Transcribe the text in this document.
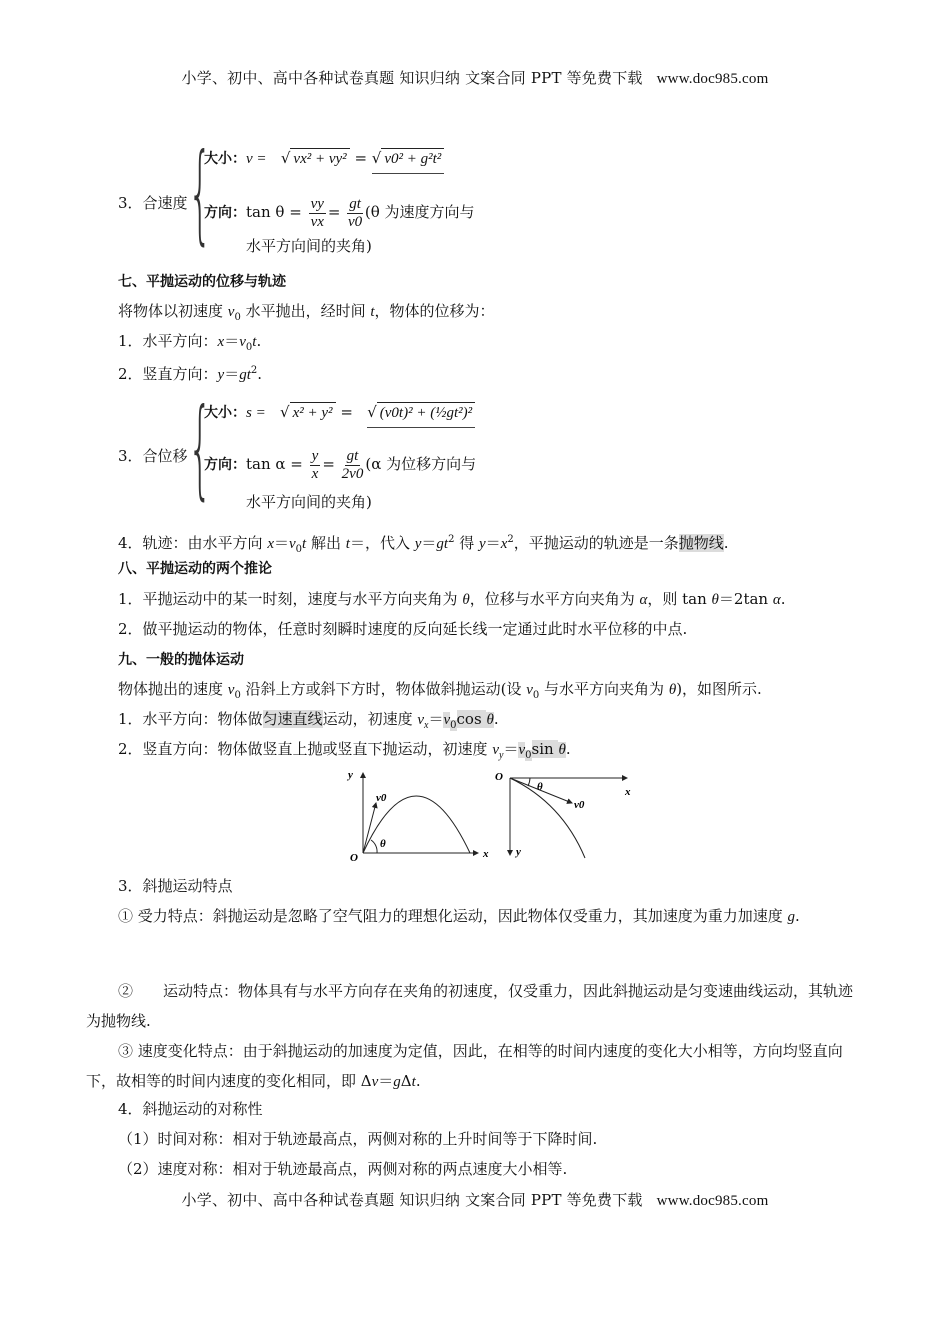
小学、初中、高中各种试卷真题 知识归纳 文案合同 PPT 等免费下载 www.doc985.com
3．合速度 {
大小：v =   √ vx² + vy² = √ v0² + g²t²
方向：$\tan \theta = \frac{vy}{vx} = \frac{gt}{v0} (\theta$ 为速度方向与
水平方向间的夹角)
七、平抛运动的位移与轨迹
将物体以初速度 $v_0$ 水平抛出，经时间 t，物体的位移为：
1．水平方向：$x=v_0t$.
2．竖直方向：$y=gt^2$.
3．合位移 {
大小：s =   √ x² + y² = √ (v0t)² + (½gt²)²
方向：$\tan \alpha = \frac{y}{x} = \frac{gt}{2v0} (\alpha$ 为位移方向与
水平方向间的夹角)
4．轨迹：由水平方向 $x=v_0t$ 解出 t＝，代入 $y=gt^2$ 得 $y=x^2$，平抛运动的轨迹是一条抛物线.
八、平抛运动的两个推论
1．平抛运动中的某一时刻，速度与水平方向夹角为 θ，位移与水平方向夹角为 α，则 tan θ＝2tan α.
2．做平抛运动的物体，任意时刻瞬时速度的反向延长线一定通过此时水平位移的中点.
九、一般的抛体运动
物体抛出的速度 $v_0$ 沿斜上方或斜下方时，物体做斜抛运动(设 $v_0$ 与水平方向夹角为 θ)，如图所示.
1．水平方向：物体做匀速直线运动，初速度 $v_x=v_0\cos$ θ.
2．竖直方向：物体做竖直上抛或竖直下抛运动，初速度 $v_y=v_0\sin$ θ.
y
x
O
v0
θ
O
x
y
v0
θ
3．斜抛运动特点
① 受力特点：斜抛运动是忽略了空气阻力的理想化运动，因此物体仅受重力，其加速度为重力加速度 g.
②　　运动特点：物体具有与水平方向存在夹角的初速度，仅受重力，因此斜抛运动是匀变速曲线运动，其轨迹为抛物线.
③ 速度变化特点：由于斜抛运动的加速度为定值，因此，在相等的时间内速度的变化大小相等，方向均竖直向下，故相等的时间内速度的变化相同，即 Δv＝gΔt.
4．斜抛运动的对称性
（1）时间对称：相对于轨迹最高点，两侧对称的上升时间等于下降时间.
（2）速度对称：相对于轨迹最高点，两侧对称的两点速度大小相等.
小学、初中、高中各种试卷真题 知识归纳 文案合同 PPT 等免费下载 www.doc985.com
